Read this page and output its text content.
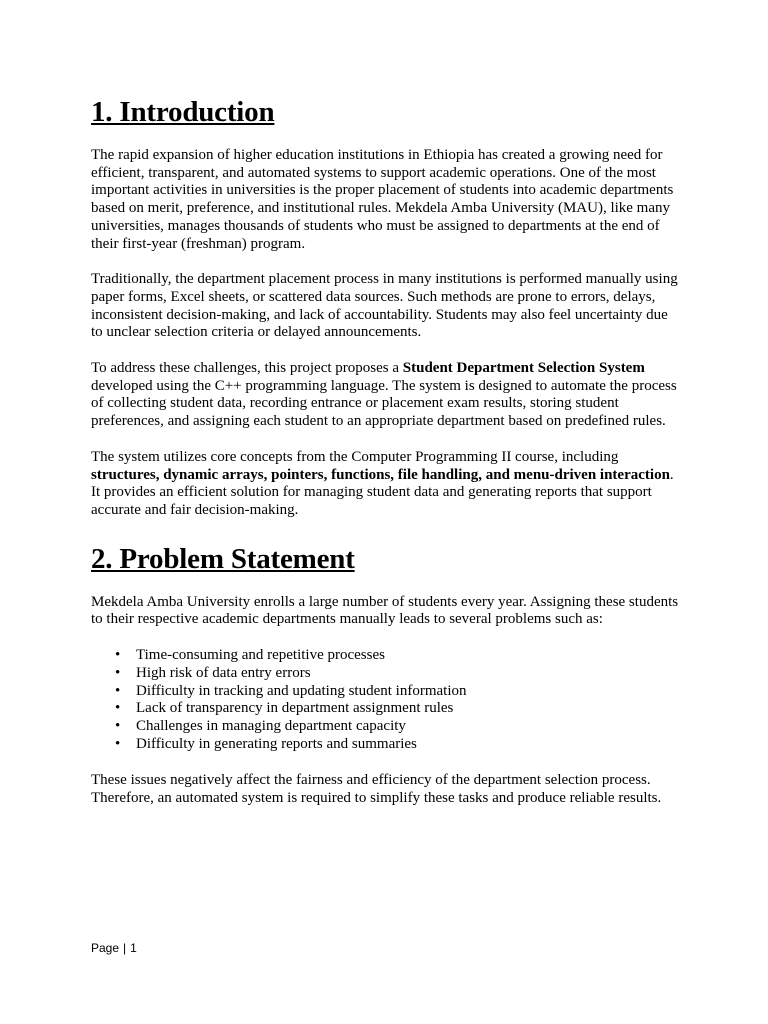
1. Introduction

The rapid expansion of higher education institutions in Ethiopia has created a growing need for efficient, transparent, and automated systems to support academic operations. One of the most important activities in universities is the proper placement of students into academic departments based on merit, preference, and institutional rules. Mekdela Amba University (MAU), like many universities, manages thousands of students who must be assigned to departments at the end of their first-year (freshman) program.

Traditionally, the department placement process in many institutions is performed manually using paper forms, Excel sheets, or scattered data sources. Such methods are prone to errors, delays, inconsistent decision-making, and lack of accountability. Students may also feel uncertainty due to unclear selection criteria or delayed announcements.

To address these challenges, this project proposes a Student Department Selection System developed using the C++ programming language. The system is designed to automate the process of collecting student data, recording entrance or placement exam results, storing student preferences, and assigning each student to an appropriate department based on predefined rules.

The system utilizes core concepts from the Computer Programming II course, including structures, dynamic arrays, pointers, functions, file handling, and menu-driven interaction. It provides an efficient solution for managing student data and generating reports that support accurate and fair decision-making.

2. Problem Statement

Mekdela Amba University enrolls a large number of students every year. Assigning these students to their respective academic departments manually leads to several problems such as:

• Time-consuming and repetitive processes
• High risk of data entry errors
• Difficulty in tracking and updating student information
• Lack of transparency in department assignment rules
• Challenges in managing department capacity
• Difficulty in generating reports and summaries

These issues negatively affect the fairness and efficiency of the department selection process. Therefore, an automated system is required to simplify these tasks and produce reliable results.

Page | 1
